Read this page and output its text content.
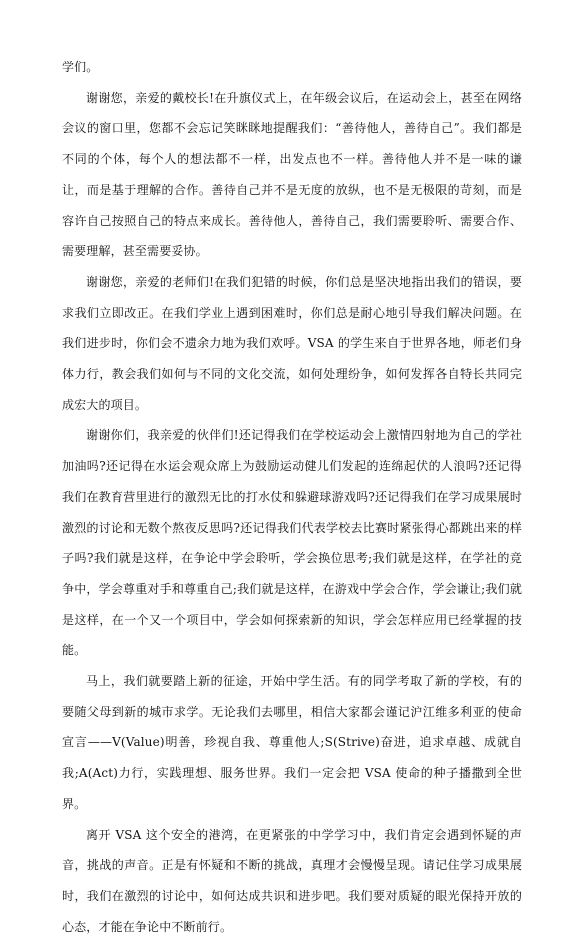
学们。

谢谢您，亲爱的戴校长!在升旗仪式上，在年级会议后，在运动会上，甚至在网络会议的窗口里，您都不会忘记笑眯眯地提醒我们：“善待他人，善待自己”。我们都是不同的个体，每个人的想法都不一样，出发点也不一样。善待他人并不是一味的谦让，而是基于理解的合作。善待自己并不是无度的放纵，也不是无极限的苛刻，而是容许自己按照自己的特点来成长。善待他人，善待自己，我们需要聆听、需要合作、需要理解，甚至需要妥协。

谢谢您，亲爱的老师们!在我们犯错的时候，你们总是坚决地指出我们的错误，要求我们立即改正。在我们学业上遇到困难时，你们总是耐心地引导我们解决问题。在我们进步时，你们会不遗余力地为我们欢呼。VSA 的学生来自于世界各地，师老们身体力行，教会我们如何与不同的文化交流，如何处理纷争，如何发挥各自特长共同完成宏大的项目。

谢谢你们，我亲爱的伙伴们!还记得我们在学校运动会上激情四射地为自己的学社加油吗?还记得在水运会观众席上为鼓励运动健儿们发起的连绵起伏的人浪吗?还记得我们在教育营里进行的激烈无比的打水仗和躲避球游戏吗?还记得我们在学习成果展时激烈的讨论和无数个熬夜反思吗?还记得我们代表学校去比赛时紧张得心都跳出来的样子吗?我们就是这样，在争论中学会聆听，学会换位思考;我们就是这样，在学社的竞争中，学会尊重对手和尊重自己;我们就是这样，在游戏中学会合作，学会谦让;我们就是这样，在一个又一个项目中，学会如何探索新的知识，学会怎样应用已经掌握的技能。

马上，我们就要踏上新的征途，开始中学生活。有的同学考取了新的学校，有的要随父母到新的城市求学。无论我们去哪里，相信大家都会谨记沪江维多利亚的使命宣言——V(Value)明善，珍视自我、尊重他人;S(Strive)奋进，追求卓越、成就自我;A(Act)力行，实践理想、服务世界。我们一定会把 VSA 使命的种子播撒到全世界。

离开 VSA 这个安全的港湾，在更紧张的中学学习中，我们肯定会遇到怀疑的声音，挑战的声音。正是有怀疑和不断的挑战，真理才会慢慢呈现。请记住学习成果展时，我们在激烈的讨论中，如何达成共识和进步吧。我们要对质疑的眼光保持开放的心态，才能在争论中不断前行。
